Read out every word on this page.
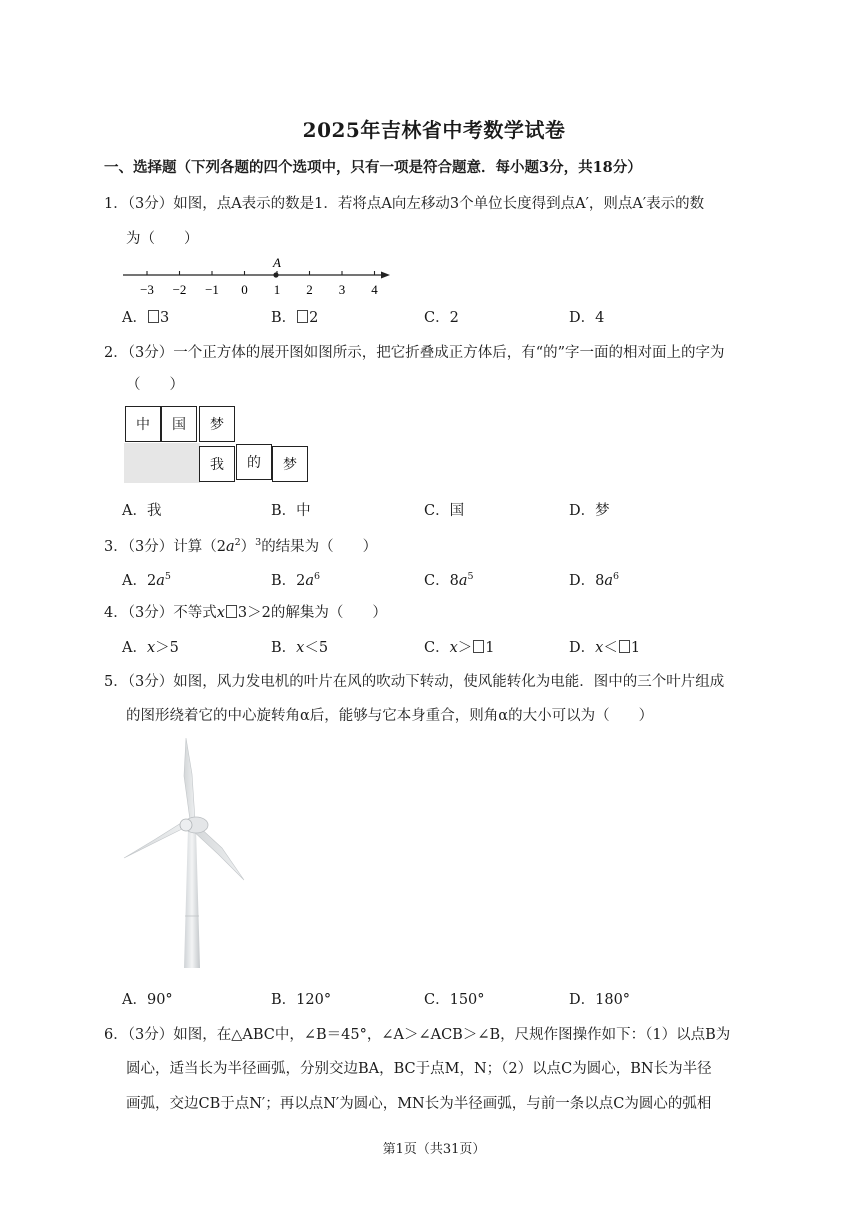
2025年吉林省中考数学试卷
一、选择题（下列各题的四个选项中，只有一项是符合题意．每小题3分，共18分）
1．（3分）如图，点A表示的数是1．若将点A向左移动3个单位长度得到点A′，则点A′表示的数
为（　　）
−3 −2 −1 0 1 2 3 4
A
A． 3	B． 2	C．2	D．4
2．（3分）一个正方体的展开图如图所示，把它折叠成正方体后，有“的”字一面的相对面上的字为
（　　）
中	国	梦
我	的	梦
A．我	B．中	C．国	D．梦
3．（3分）计算$(2a^2)^3$的结果为（　　）
A．$2a^5$	B．$2a^6$	C．$8a^5$	D．$8a^6$
4．（3分）不等式x 3＞2的解集为（　　）
A．x＞5	B．x＜5	C．x＞ 1	D．x＜ 1
5．（3分）如图，风力发电机的叶片在风的吹动下转动，使风能转化为电能．图中的三个叶片组成
的图形绕着它的中心旋转角α后，能够与它本身重合，则角α的大小可以为（　　）
A．90°	B．120°	C．150°	D．180°
6．（3分）如图，在△ABC中，∠B＝45°，∠A＞∠ACB＞∠B，尺规作图操作如下：（1）以点B为
圆心，适当长为半径画弧，分别交边BA，BC于点M，N；（2）以点C为圆心，BN长为半径
画弧，交边CB于点N′；再以点N′为圆心，MN长为半径画弧，与前一条以点C为圆心的弧相
第1页（共31页）
